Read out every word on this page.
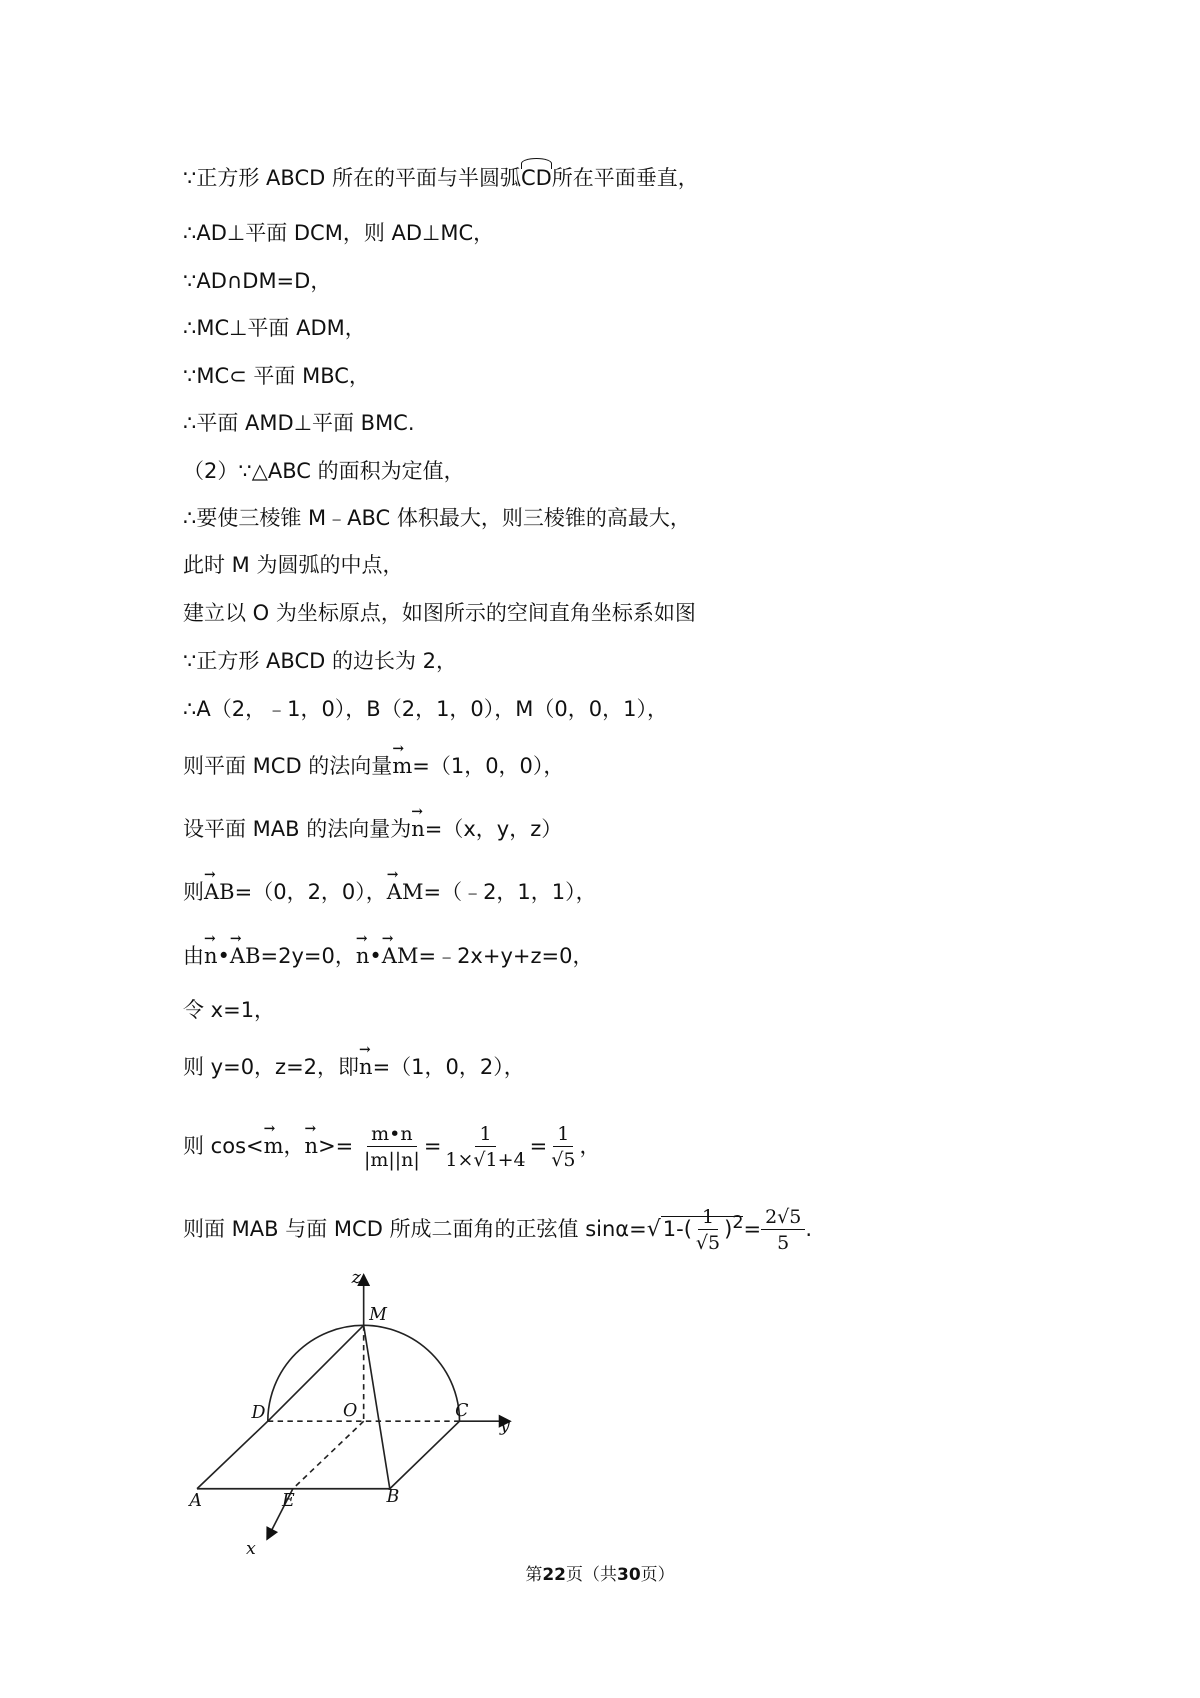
∵正方形 ABCD 所在的平面与半圆弧CD所在平面垂直，
∴AD⊥平面 DCM，则 AD⊥MC，
∵AD∩DM=D，
∴MC⊥平面 ADM，
∵MC⊂ 平面 MBC，
∴平面 AMD⊥平面 BMC.
（2）∵△ABC 的面积为定值，
∴要使三棱锥 M﹣ABC 体积最大，则三棱锥的高最大，
此时 M 为圆弧的中点，
建立以 O 为坐标原点，如图所示的空间直角坐标系如图
∵正方形 ABCD 的边长为 2，
∴A（2，﹣1，0），B（2，1，0），M（0，0，1），
则平面 MCD 的法向量→ m=（1，0，0），
设平面 MAB 的法向量为→ n=（x，y，z）
则→ AB=（0，2，0），→ AM=（﹣2，1，1），
由→ n•→ AB=2y=0，→ n•→ AM=﹣2x+y+z=0，
令 x=1，
则 y=0，z=2，即→ n=（1，0，2），
则 cos<→ m，→ $n>= \frac{m•n}{|m||n|} = \frac{1}{1\times√1+4} = \frac{1}{√5}$ ，
则面 MAB 与面 MCD 所成二面角的正弦值 $\sin\alpha=√1-( \frac{1}{√5} )^2= \frac{2√5}{5}$ .
z
M
D	O	C
y
A	E	B
x
第22页（共30页）
